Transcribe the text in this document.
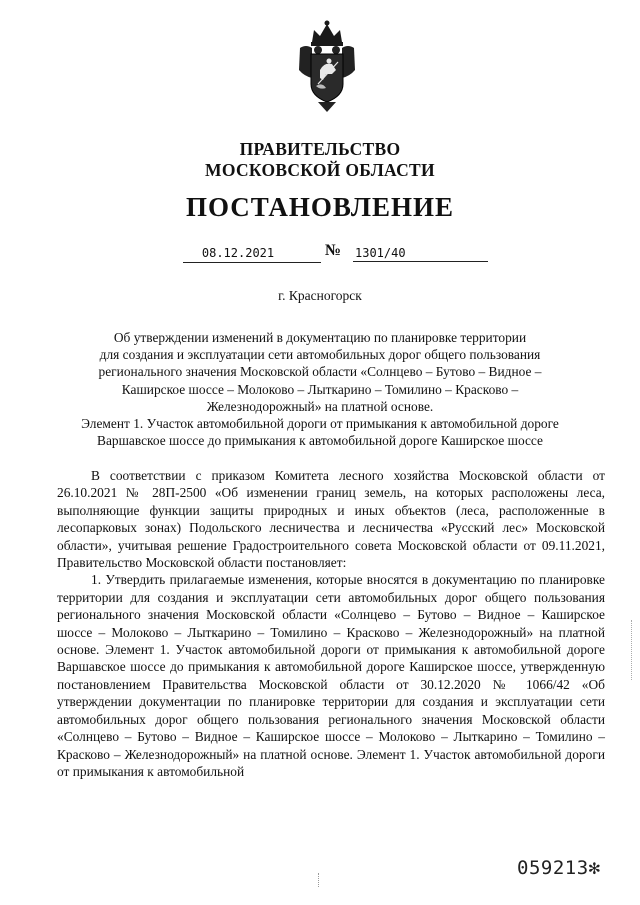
ПРАВИТЕЛЬСТВО
МОСКОВСКОЙ ОБЛАСТИ
ПОСТАНОВЛЕНИЕ
08.12.2021	№ 1301/40
г. Красногорск
Об утверждении изменений в документацию по планировке территории
для создания и эксплуатации сети автомобильных дорог общего пользования
регионального значения Московской области «Солнцево – Бутово – Видное –
Каширское шоссе – Молоково – Лыткарино – Томилино – Красково –
Железнодорожный» на платной основе.
Элемент 1. Участок автомобильной дороги от примыкания к автомобильной дороге
Варшавское шоссе до примыкания к автомобильной дороге Каширское шоссе

В соответствии с приказом Комитета лесного хозяйства Московской области от 26.10.2021 № 28П-2500 «Об изменении границ земель, на которых расположены леса, выполняющие функции защиты природных и иных объектов (леса, расположенные в лесопарковых зонах) Подольского лесничества и лесничества «Русский лес» Московской области», учитывая решение Градостроительного совета Московской области от 09.11.2021, Правительство Московской области постановляет:

1. Утвердить прилагаемые изменения, которые вносятся в документацию по планировке территории для создания и эксплуатации сети автомобильных дорог общего пользования регионального значения Московской области «Солнцево – Бутово – Видное – Каширское шоссе – Молоково – Лыткарино – Томилино – Красково – Железнодорожный» на платной основе. Элемент 1. Участок автомобильной дороги от примыкания к автомобильной дороге Варшавское шоссе до примыкания к автомобильной дороге Каширское шоссе, утвержденную постановлением Правительства Московской области от 30.12.2020 № 1066/42 «Об утверждении документации по планировке территории для создания и эксплуатации сети автомобильных дорог общего пользования регионального значения Московской области «Солнцево – Бутово – Видное – Каширское шоссе – Молоково – Лыткарино – Томилино – Красково – Железнодорожный» на платной основе. Элемент 1. Участок автомобильной дороги от примыкания к автомобильной

059213✻
